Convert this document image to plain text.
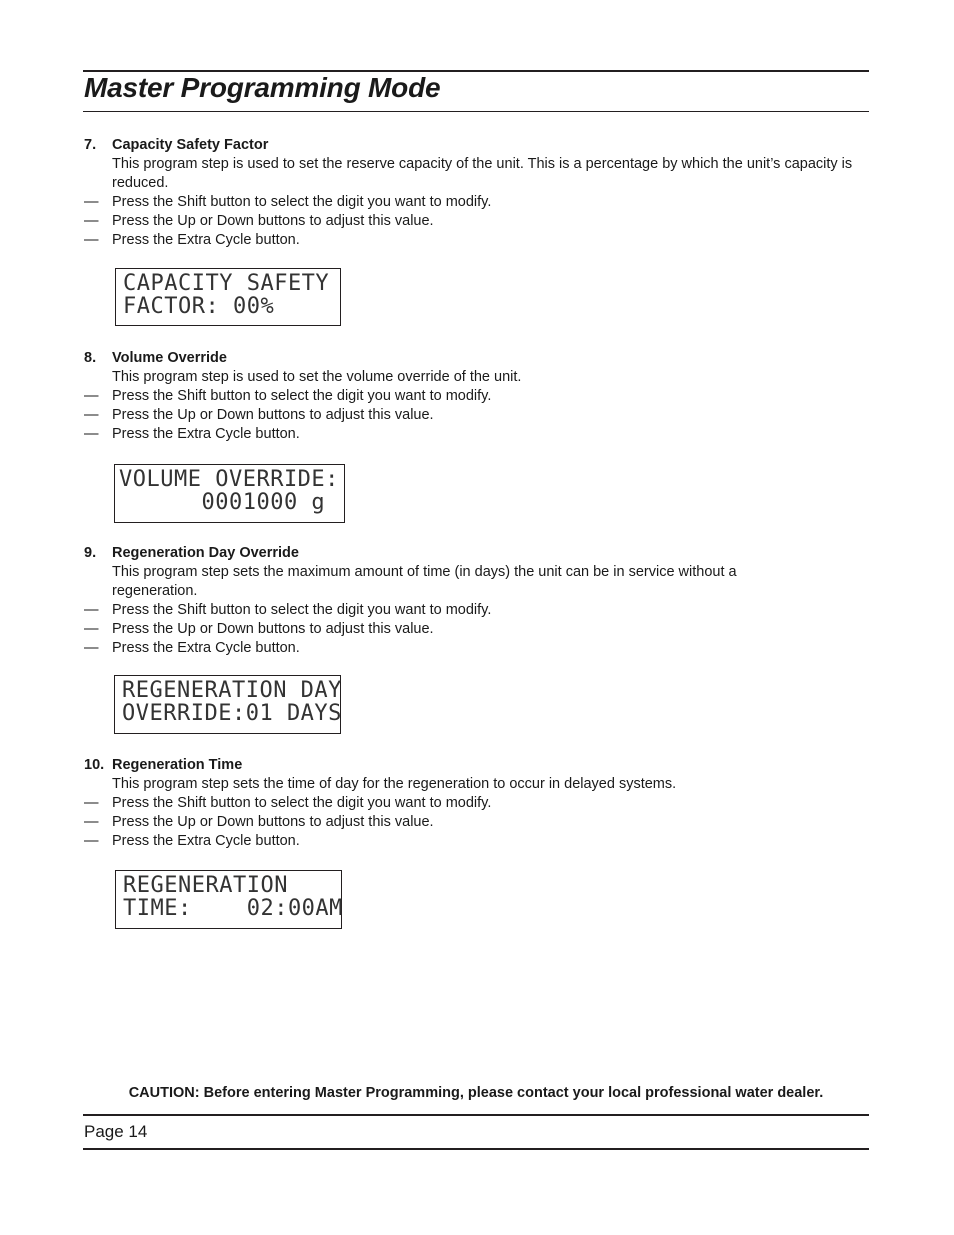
Master Programming Mode
7.	Capacity Safety Factor
This program step is used to set the reserve capacity of the unit. This is a percentage by which the unit’s capacity is reduced.
— Press the Shift button to select the digit you want to modify.
— Press the Up or Down buttons to adjust this value.
— Press the Extra Cycle button.
CAPACITY SAFETY
FACTOR: 00%
8.	Volume Override
This program step is used to set the volume override of the unit.
— Press the Shift button to select the digit you want to modify.
— Press the Up or Down buttons to adjust this value.
— Press the Extra Cycle button.
VOLUME OVERRIDE:
0001000 g
9.	Regeneration Day Override
This program step sets the maximum amount of time (in days) the unit can be in service without a regeneration.
— Press the Shift button to select the digit you want to modify.
— Press the Up or Down buttons to adjust this value.
— Press the Extra Cycle button.
REGENERATION DAY
OVERRIDE:01 DAYS
10. Regeneration Time
This program step sets the time of day for the regeneration to occur in delayed systems.
— Press the Shift button to select the digit you want to modify.
— Press the Up or Down buttons to adjust this value.
— Press the Extra Cycle button.
REGENERATION
TIME:    02:00AM
CAUTION: Before entering Master Programming, please contact your local professional water dealer.
Page 14
